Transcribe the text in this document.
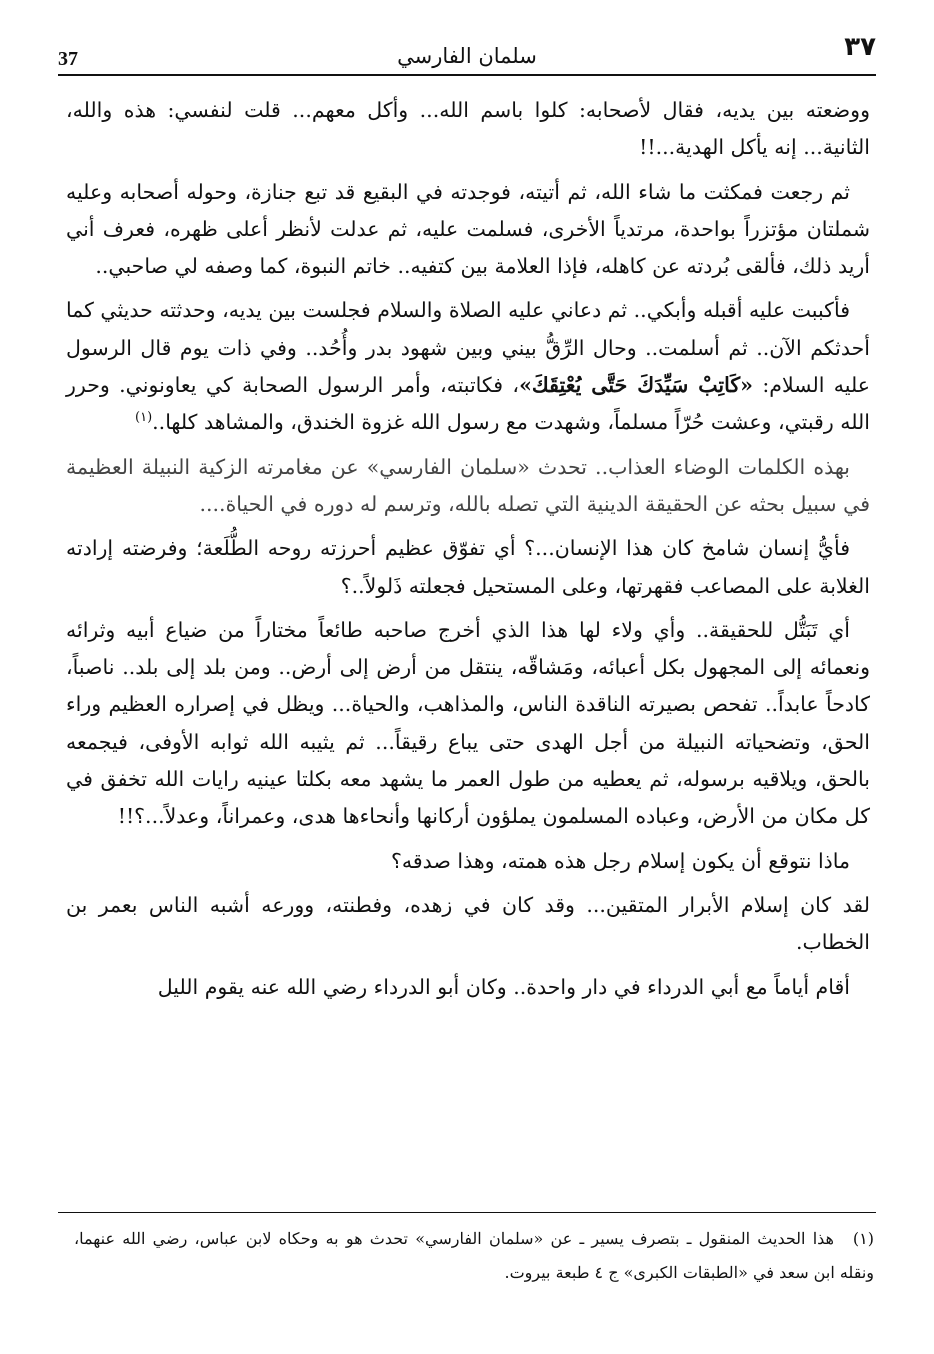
37	سلمان الفارسي	٣٧

ووضعته بين يديه، فقال لأصحابه: كلوا باسم الله... وأكل معهم... قلت لنفسي: هذه والله، الثانية... إنه يأكل الهدية...!!

ثم رجعت فمكثت ما شاء الله، ثم أتيته، فوجدته في البقيع قد تبع جنازة، وحوله أصحابه وعليه شملتان مؤتزراً بواحدة، مرتدياً الأخرى، فسلمت عليه، ثم عدلت لأنظر أعلى ظهره، فعرف أني أريد ذلك، فألقى بُردته عن كاهله، فإذا العلامة بين كتفيه.. خاتم النبوة، كما وصفه لي صاحبي..

فأكببت عليه أقبله وأبكي.. ثم دعاني عليه الصلاة والسلام فجلست بين يديه، وحدثته حديثي كما أحدثكم الآن.. ثم أسلمت.. وحال الرِّقُّ بيني وبين شهود بدر وأُحُد.. وفي ذات يوم قال الرسول عليه السلام: «كَاتِبْ سَيِّدَكَ حَتَّى يُعْتِقَكَ»، فكاتبته، وأمر الرسول الصحابة كي يعاونوني. وحرر الله رقبتي، وعشت حُرّاً مسلماً، وشهدت مع رسول الله غزوة الخندق، والمشاهد كلها..$^{(١)}$

بهذه الكلمات الوضاء العذاب.. تحدث «سلمان الفارسي» عن مغامرته الزكية النبيلة العظيمة في سبيل بحثه عن الحقيقة الدينية التي تصله بالله، وترسم له دوره في الحياة....

فأيُّ إنسان شامخ كان هذا الإنسان...؟ أي تفوّق عظيم أحرزته روحه الطُّلَعة؛ وفرضته إرادته الغلابة على المصاعب فقهرتها، وعلى المستحيل فجعلته ذَلولاً..؟

أي تَبَتُّل للحقيقة.. وأي ولاء لها هذا الذي أخرج صاحبه طائعاً مختاراً من ضياع أبيه وثرائه ونعمائه إلى المجهول بكل أعبائه، ومَشاقّه، ينتقل من أرض إلى أرض.. ومن بلد إلى بلد.. ناصباً، كادحاً عابداً.. تفحص بصيرته الناقدة الناس، والمذاهب، والحياة... ويظل في إصراره العظيم وراء الحق، وتضحياته النبيلة من أجل الهدى حتى يباع رقيقاً... ثم يثيبه الله ثوابه الأوفى، فيجمعه بالحق، ويلاقيه برسوله، ثم يعطيه من طول العمر ما يشهد معه بكلتا عينيه رايات الله تخفق في كل مكان من الأرض، وعباده المسلمون يملؤون أركانها وأنحاءها هدى، وعمراناً، وعدلاً...؟!!

ماذا نتوقع أن يكون إسلام رجل هذه همته، وهذا صدقه؟

لقد كان إسلام الأبرار المتقين... وقد كان في زهده، وفطنته، وورعه أشبه الناس بعمر بن الخطاب.

أقام أياماً مع أبي الدرداء في دار واحدة.. وكان أبو الدرداء رضي الله عنه يقوم الليل

(١)هذا الحديث المنقول ـ بتصرف يسير ـ عن «سلمان الفارسي» تحدث هو به وحكاه لابن عباس، رضي الله عنهما، ونقله ابن سعد في «الطبقات الكبرى» ج ٤ طبعة بيروت.
